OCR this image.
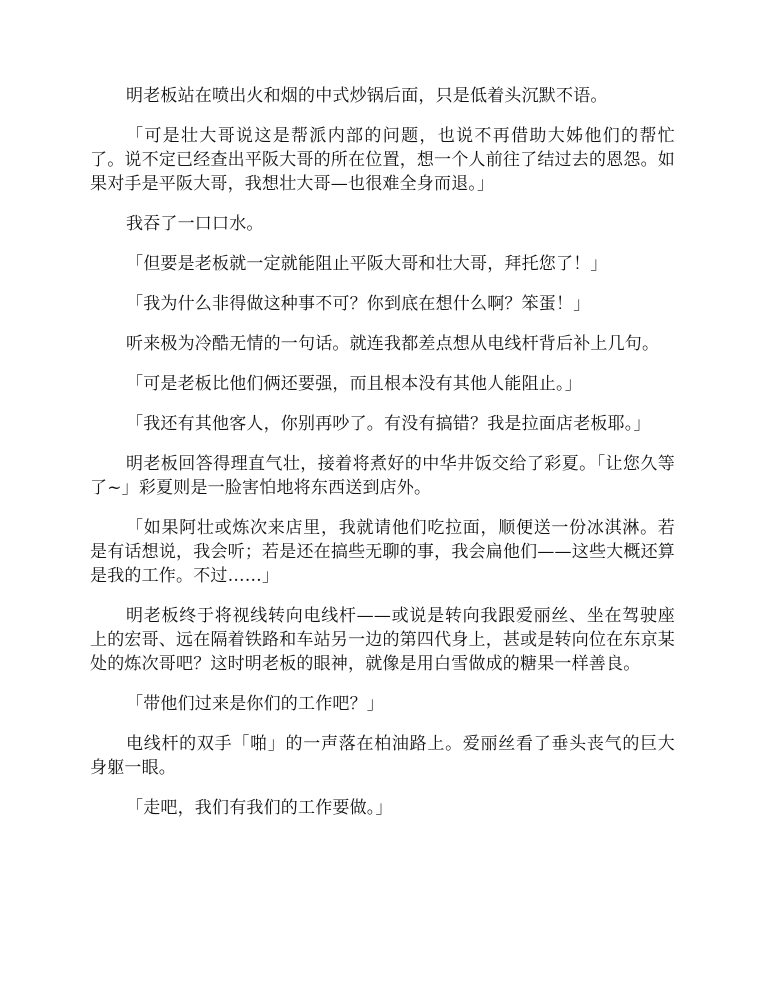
明老板站在喷出火和烟的中式炒锅后面，只是低着头沉默不语。

「可是壮大哥说这是帮派内部的问题，也说不再借助大姊他们的帮忙了。说不定已经查出平阪大哥的所在位置，想一个人前往了结过去的恩怨。如果对手是平阪大哥，我想壮大哥—也很难全身而退。」

我吞了一口口水。

「但要是老板就一定就能阻止平阪大哥和壮大哥，拜托您了！」

「我为什么非得做这种事不可？你到底在想什么啊？笨蛋！」

听来极为冷酷无情的一句话。就连我都差点想从电线杆背后补上几句。

「可是老板比他们俩还要强，而且根本没有其他人能阻止。」

「我还有其他客人，你别再吵了。有没有搞错？我是拉面店老板耶。」

明老板回答得理直气壮，接着将煮好的中华井饭交给了彩夏。「让您久等了~」彩夏则是一脸害怕地将东西送到店外。

「如果阿壮或炼次来店里，我就请他们吃拉面，顺便送一份冰淇淋。若是有话想说，我会听；若是还在搞些无聊的事，我会扁他们——这些大概还算是我的工作。不过……」

明老板终于将视线转向电线杆——或说是转向我跟爱丽丝、坐在驾驶座上的宏哥、远在隔着铁路和车站另一边的第四代身上，甚或是转向位在东京某处的炼次哥吧？这时明老板的眼神，就像是用白雪做成的糖果一样善良。

「带他们过来是你们的工作吧？」

电线杆的双手「啪」的一声落在柏油路上。爱丽丝看了垂头丧气的巨大身躯一眼。

「走吧，我们有我们的工作要做。」
